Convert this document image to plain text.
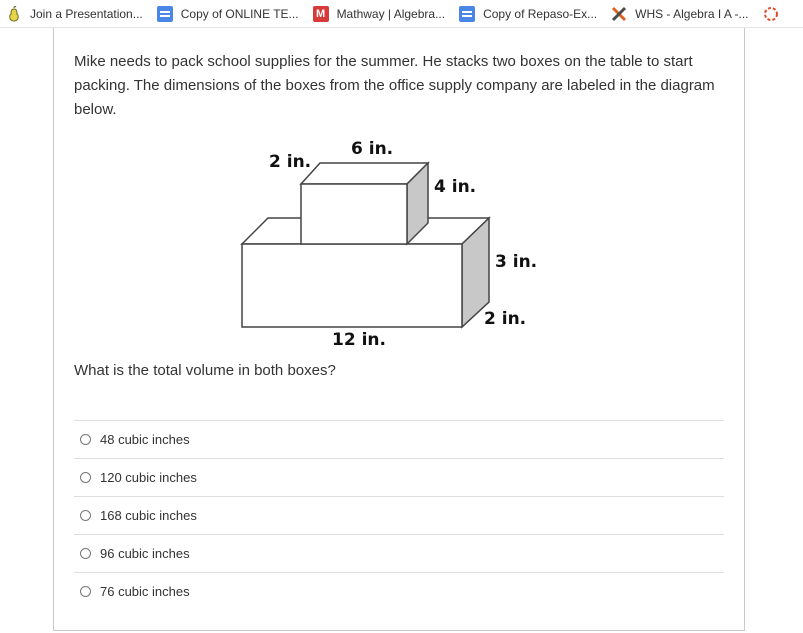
Join a Presentation...	Copy of ONLINE TE...	M Mathway | Algebra...	Copy of Repaso-Ex...	WHS - Algebra I A -...

Mike needs to pack school supplies for the summer. He stacks two boxes on the table to start packing. The dimensions of the boxes from the office supply company are labeled in the diagram below.

6 in.
2 in.
4 in.
3 in.
2 in.
12 in.

What is the total volume in both boxes?

48 cubic inches
120 cubic inches
168 cubic inches
96 cubic inches
76 cubic inches
